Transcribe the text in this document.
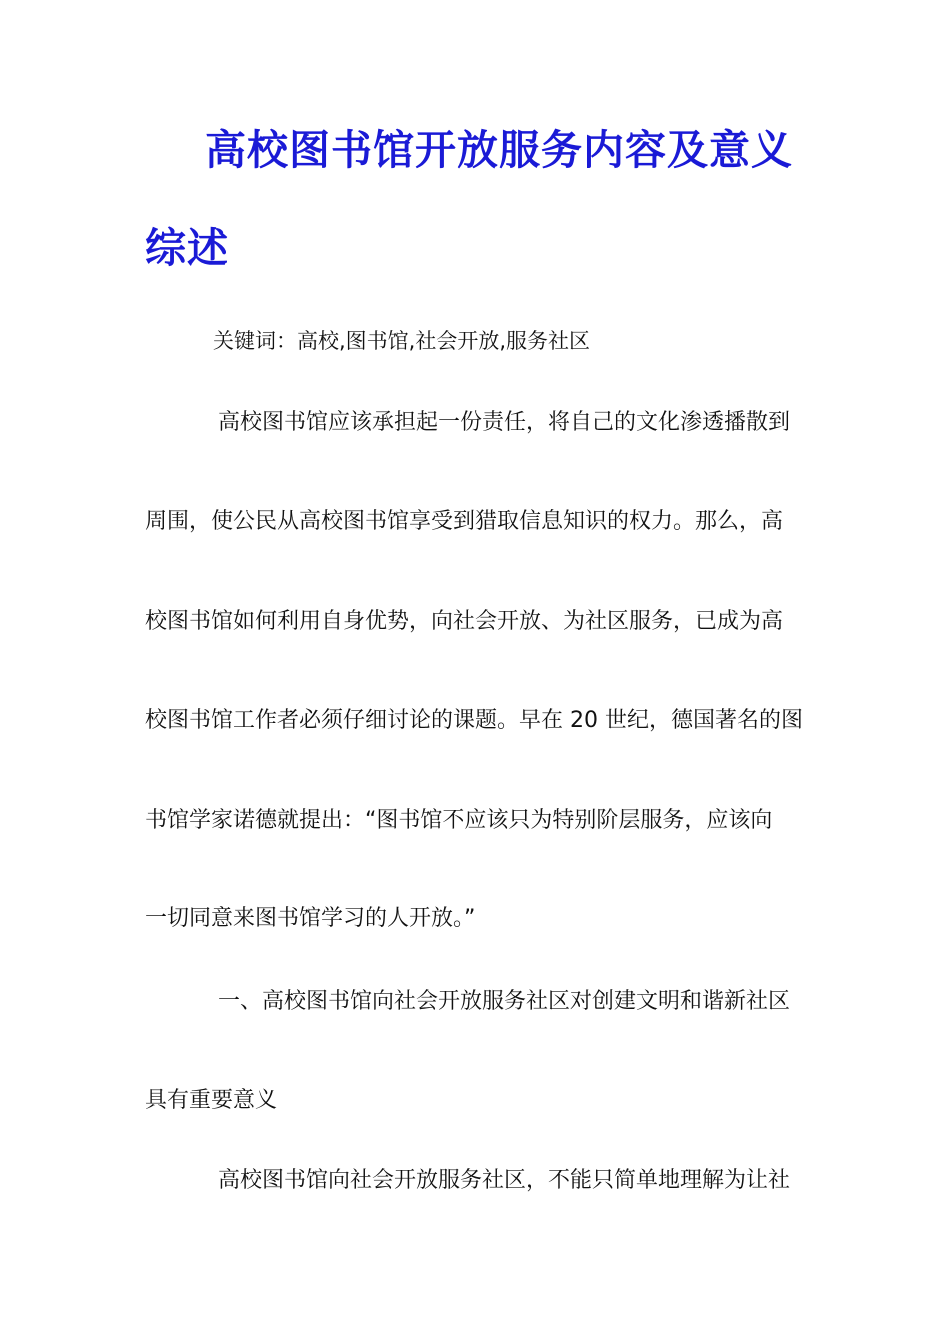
高校图书馆开放服务内容及意义
综述
关键词：高校,图书馆,社会开放,服务社区
高校图书馆应该承担起一份责任，将自己的文化渗透播散到
周围，使公民从高校图书馆享受到猎取信息知识的权力。那么，高
校图书馆如何利用自身优势，向社会开放、为社区服务，已成为高
校图书馆工作者必须仔细讨论的课题。早在 20 世纪，德国著名的图
书馆学家诺德就提出：“图书馆不应该只为特别阶层服务，应该向
一切同意来图书馆学习的人开放。”
一、高校图书馆向社会开放服务社区对创建文明和谐新社区
具有重要意义
高校图书馆向社会开放服务社区，不能只简单地理解为让社
